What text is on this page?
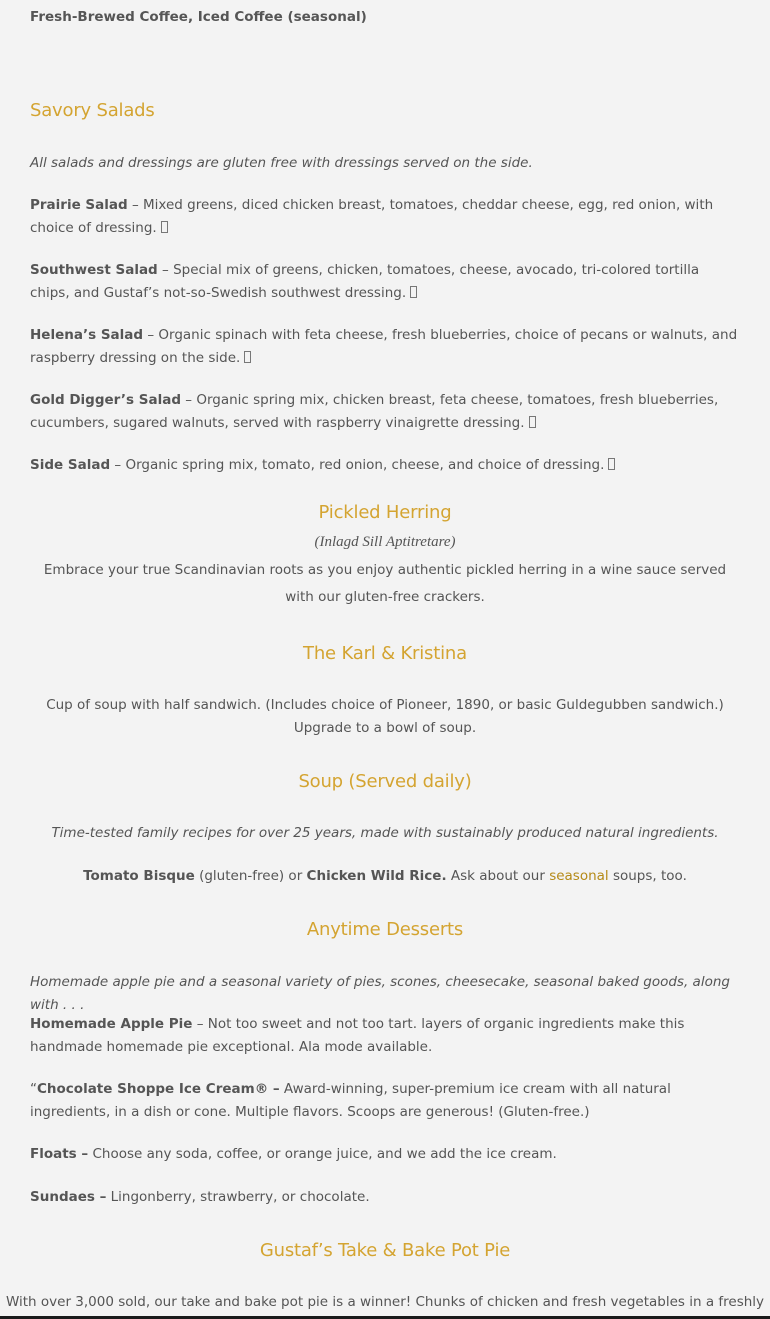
Fresh-Brewed Coffee, Iced Coffee (seasonal)
Savory Salads
All salads and dressings are gluten free with dressings served on the side.
Prairie Salad – Mixed greens, diced chicken breast, tomatoes, cheddar cheese, egg, red onion, with choice of dressing.
Southwest Salad – Special mix of greens, chicken, tomatoes, cheese, avocado, tri-colored tortilla chips, and Gustaf’s not-so-Swedish southwest dressing.
Helena’s Salad – Organic spinach with feta cheese, fresh blueberries, choice of pecans or walnuts, and raspberry dressing on the side.
Gold Digger’s Salad – Organic spring mix, chicken breast, feta cheese, tomatoes, fresh blueberries, cucumbers, sugared walnuts, served with raspberry vinaigrette dressing.
Side Salad – Organic spring mix, tomato, red onion, cheese, and choice of dressing.
Pickled Herring
(Inlagd Sill Aptitretare)
Embrace your true Scandinavian roots as you enjoy authentic pickled herring in a wine sauce served with our gluten-free crackers.
The Karl & Kristina
Cup of soup with half sandwich. (Includes choice of Pioneer, 1890, or basic Guldegubben sandwich.) Upgrade to a bowl of soup.
Soup (Served daily)
Time-tested family recipes for over 25 years, made with sustainably produced natural ingredients.
Tomato Bisque (gluten-free) or Chicken Wild Rice. Ask about our seasonal soups, too.
Anytime Desserts
Homemade apple pie and a seasonal variety of pies, scones, cheesecake, seasonal baked goods, along with . . .
Homemade Apple Pie – Not too sweet and not too tart. layers of organic ingredients make this handmade homemade pie exceptional. Ala mode available.
“Chocolate Shoppe Ice Cream® – Award-winning, super-premium ice cream with all natural ingredients, in a dish or cone. Multiple flavors. Scoops are generous! (Gluten-free.)
Floats – Choose any soda, coffee, or orange juice, and we add the ice cream.
Sundaes – Lingonberry, strawberry, or chocolate.
Gustaf’s Take & Bake Pot Pie
With over 3,000 sold, our take and bake pot pie is a winner! Chunks of chicken and fresh vegetables in a freshly
